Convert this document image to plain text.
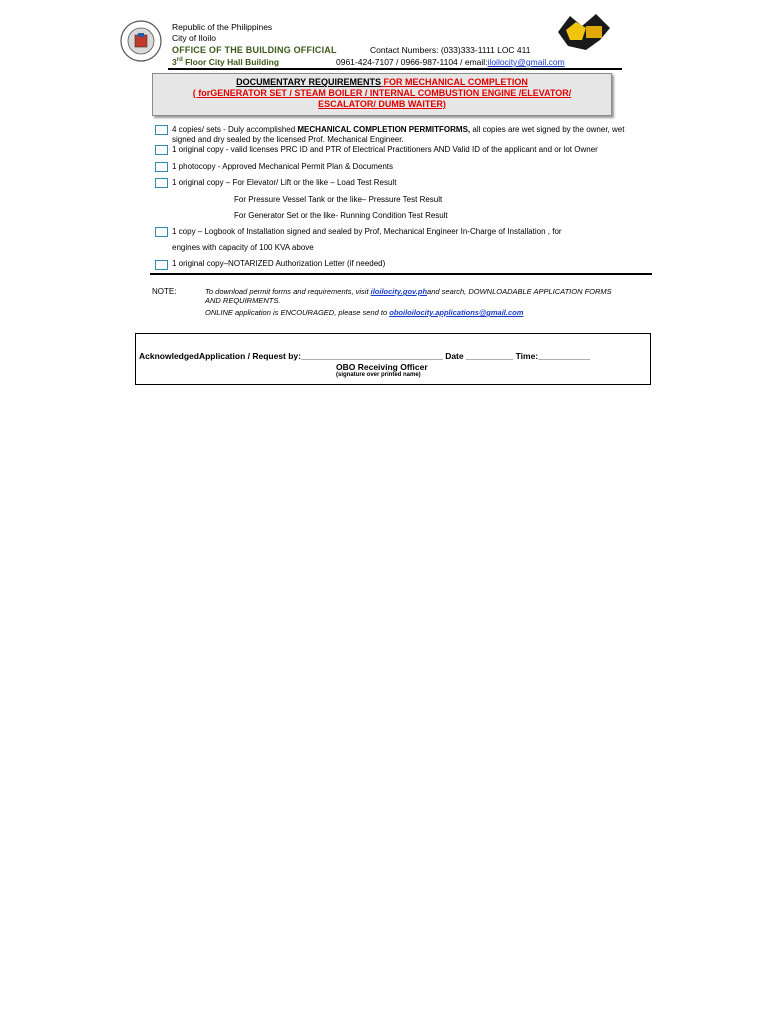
Republic of the Philippines
City of Iloilo
OFFICE OF THE BUILDING OFFICIAL	Contact Numbers: (033)333-1111 LOC 411
3rd Floor City Hall Building	0961-424-7107 / 0966-987-1104 / email:iloilocity@gmail.com
DOCUMENTARY REQUIREMENTS FOR MECHANICAL COMPLETION
( forGENERATOR SET / STEAM BOILER / INTERNAL COMBUSTION ENGINE /ELEVATOR/
ESCALATOR/ DUMB WAITER)
4 copies/ sets - Duly accomplished MECHANICAL COMPLETION PERMITFORMS, all copies are wet signed by the owner, wet
signed and dry sealed by the licensed Prof. Mechanical Engineer.
1 original copy - valid licenses PRC ID and PTR of Electrical Practitioners AND Valid ID of the applicant and or lot Owner
1 photocopy - Approved Mechanical Permit Plan & Documents
1 original copy – For Elevator/ Lift or the like – Load Test Result
For Pressure Vessel Tank or the like– Pressure Test Result
For Generator Set or the like- Running Condition Test Result
1 copy – Logbook of Installation signed and sealed by Prof, Mechanical Engineer In-Charge of Installation , for
engines with capacity of 100 KVA above
1 original copy–NOTARIZED Authorization Letter (if needed)
NOTE:	To download permit forms and requirements, visit iloilocity.gov.phand search, DOWNLOADABLE APPLICATION FORMS
AND REQUIRMENTS.
ONLINE application is ENCOURAGED, please send to oboiloilocity.applications@gmail.com
AcknowledgedApplication / Request by:______________________________ Date __________ Time:___________
OBO Receiving Officer
(signature over printed name)
